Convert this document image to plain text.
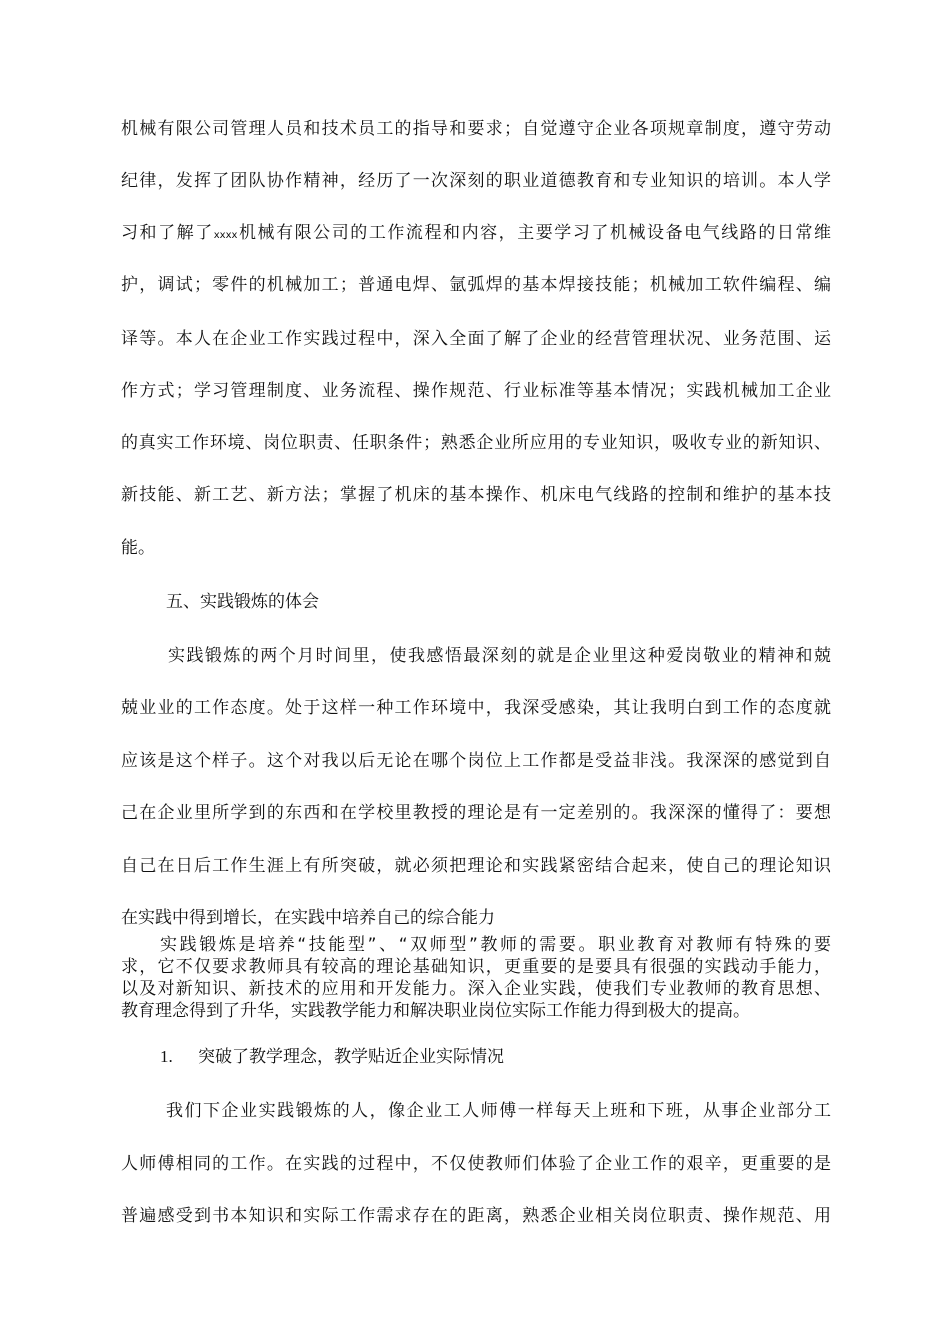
机械有限公司管理人员和技术员工的指导和要求；自觉遵守企业各项规章制度，遵守劳动
纪律，发挥了团队协作精神，经历了一次深刻的职业道德教育和专业知识的培训。本人学
习和了解了xxxx机械有限公司的工作流程和内容，主要学习了机械设备电气线路的日常维
护，调试；零件的机械加工；普通电焊、氩弧焊的基本焊接技能；机械加工软件编程、编
译等。本人在企业工作实践过程中，深入全面了解了企业的经营管理状况、业务范围、运
作方式；学习管理制度、业务流程、操作规范、行业标准等基本情况；实践机械加工企业
的真实工作环境、岗位职责、任职条件；熟悉企业所应用的专业知识，吸收专业的新知识、
新技能、新工艺、新方法；掌握了机床的基本操作、机床电气线路的控制和维护的基本技
能。
五、实践锻炼的体会
实践锻炼的两个月时间里，使我感悟最深刻的就是企业里这种爱岗敬业的精神和兢
兢业业的工作态度。处于这样一种工作环境中，我深受感染，其让我明白到工作的态度就
应该是这个样子。这个对我以后无论在哪个岗位上工作都是受益非浅。我深深的感觉到自
己在企业里所学到的东西和在学校里教授的理论是有一定差别的。我深深的懂得了：要想
自己在日后工作生涯上有所突破，就必须把理论和实践紧密结合起来，使自己的理论知识
在实践中得到增长，在实践中培养自己的综合能力
实践锻炼是培养“技能型”、“双师型”教师的需要。职业教育对教师有特殊的要
求，它不仅要求教师具有较高的理论基础知识，更重要的是要具有很强的实践动手能力，
以及对新知识、新技术的应用和开发能力。深入企业实践，使我们专业教师的教育思想、
教育理念得到了升华，实践教学能力和解决职业岗位实际工作能力得到极大的提高。
1. 突破了教学理念，教学贴近企业实际情况
我们下企业实践锻炼的人，像企业工人师傅一样每天上班和下班，从事企业部分工
人师傅相同的工作。在实践的过程中，不仅使教师们体验了企业工作的艰辛，更重要的是
普遍感受到书本知识和实际工作需求存在的距离，熟悉企业相关岗位职责、操作规范、用
